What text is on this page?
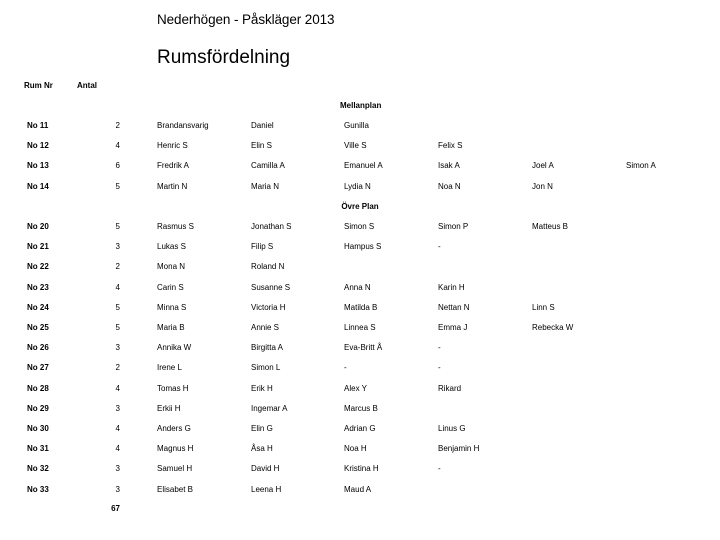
Nederhögen - Påskläger 2013
Rumsfördelning
Rum Nr	Antal
Mellanplan
No 11	2	Brandansvarig	Daniel	Gunilla
No 12	4	Henric S	Elin S	Ville S	Felix S
No 13	6	Fredrik A	Camilla A	Emanuel A	Isak A	Joel A	Simon A
No 14	5	Martin N	Maria N	Lydia N	Noa N	Jon N
Övre Plan
No 20	5	Rasmus S	Jonathan S	Simon S	Simon P	Matteus B
No 21	3	Lukas S	Filip S	Hampus S	-
No 22	2	Mona N	Roland N
No 23	4	Carin S	Susanne S	Anna N	Karin H
No 24	5	Minna S	Victoria H	Matilda B	Nettan N	Linn S
No 25	5	Maria B	Annie S	Linnea S	Emma J	Rebecka W
No 26	3	Annika W	Birgitta A	Eva-Britt Å	-
No 27	2	Irene L	Simon L	-	-
No 28	4	Tomas H	Erik H	Alex Y	Rikard
No 29	3	Erkii H	Ingemar A	Marcus B
No 30	4	Anders G	Elin G	Adrian G	Linus G
No 31	4	Magnus H	Åsa H	Noa H	Benjamin H
No 32	3	Samuel H	David H	Kristina H	-
No 33	3	Elisabet B	Leena H	Maud A
67
